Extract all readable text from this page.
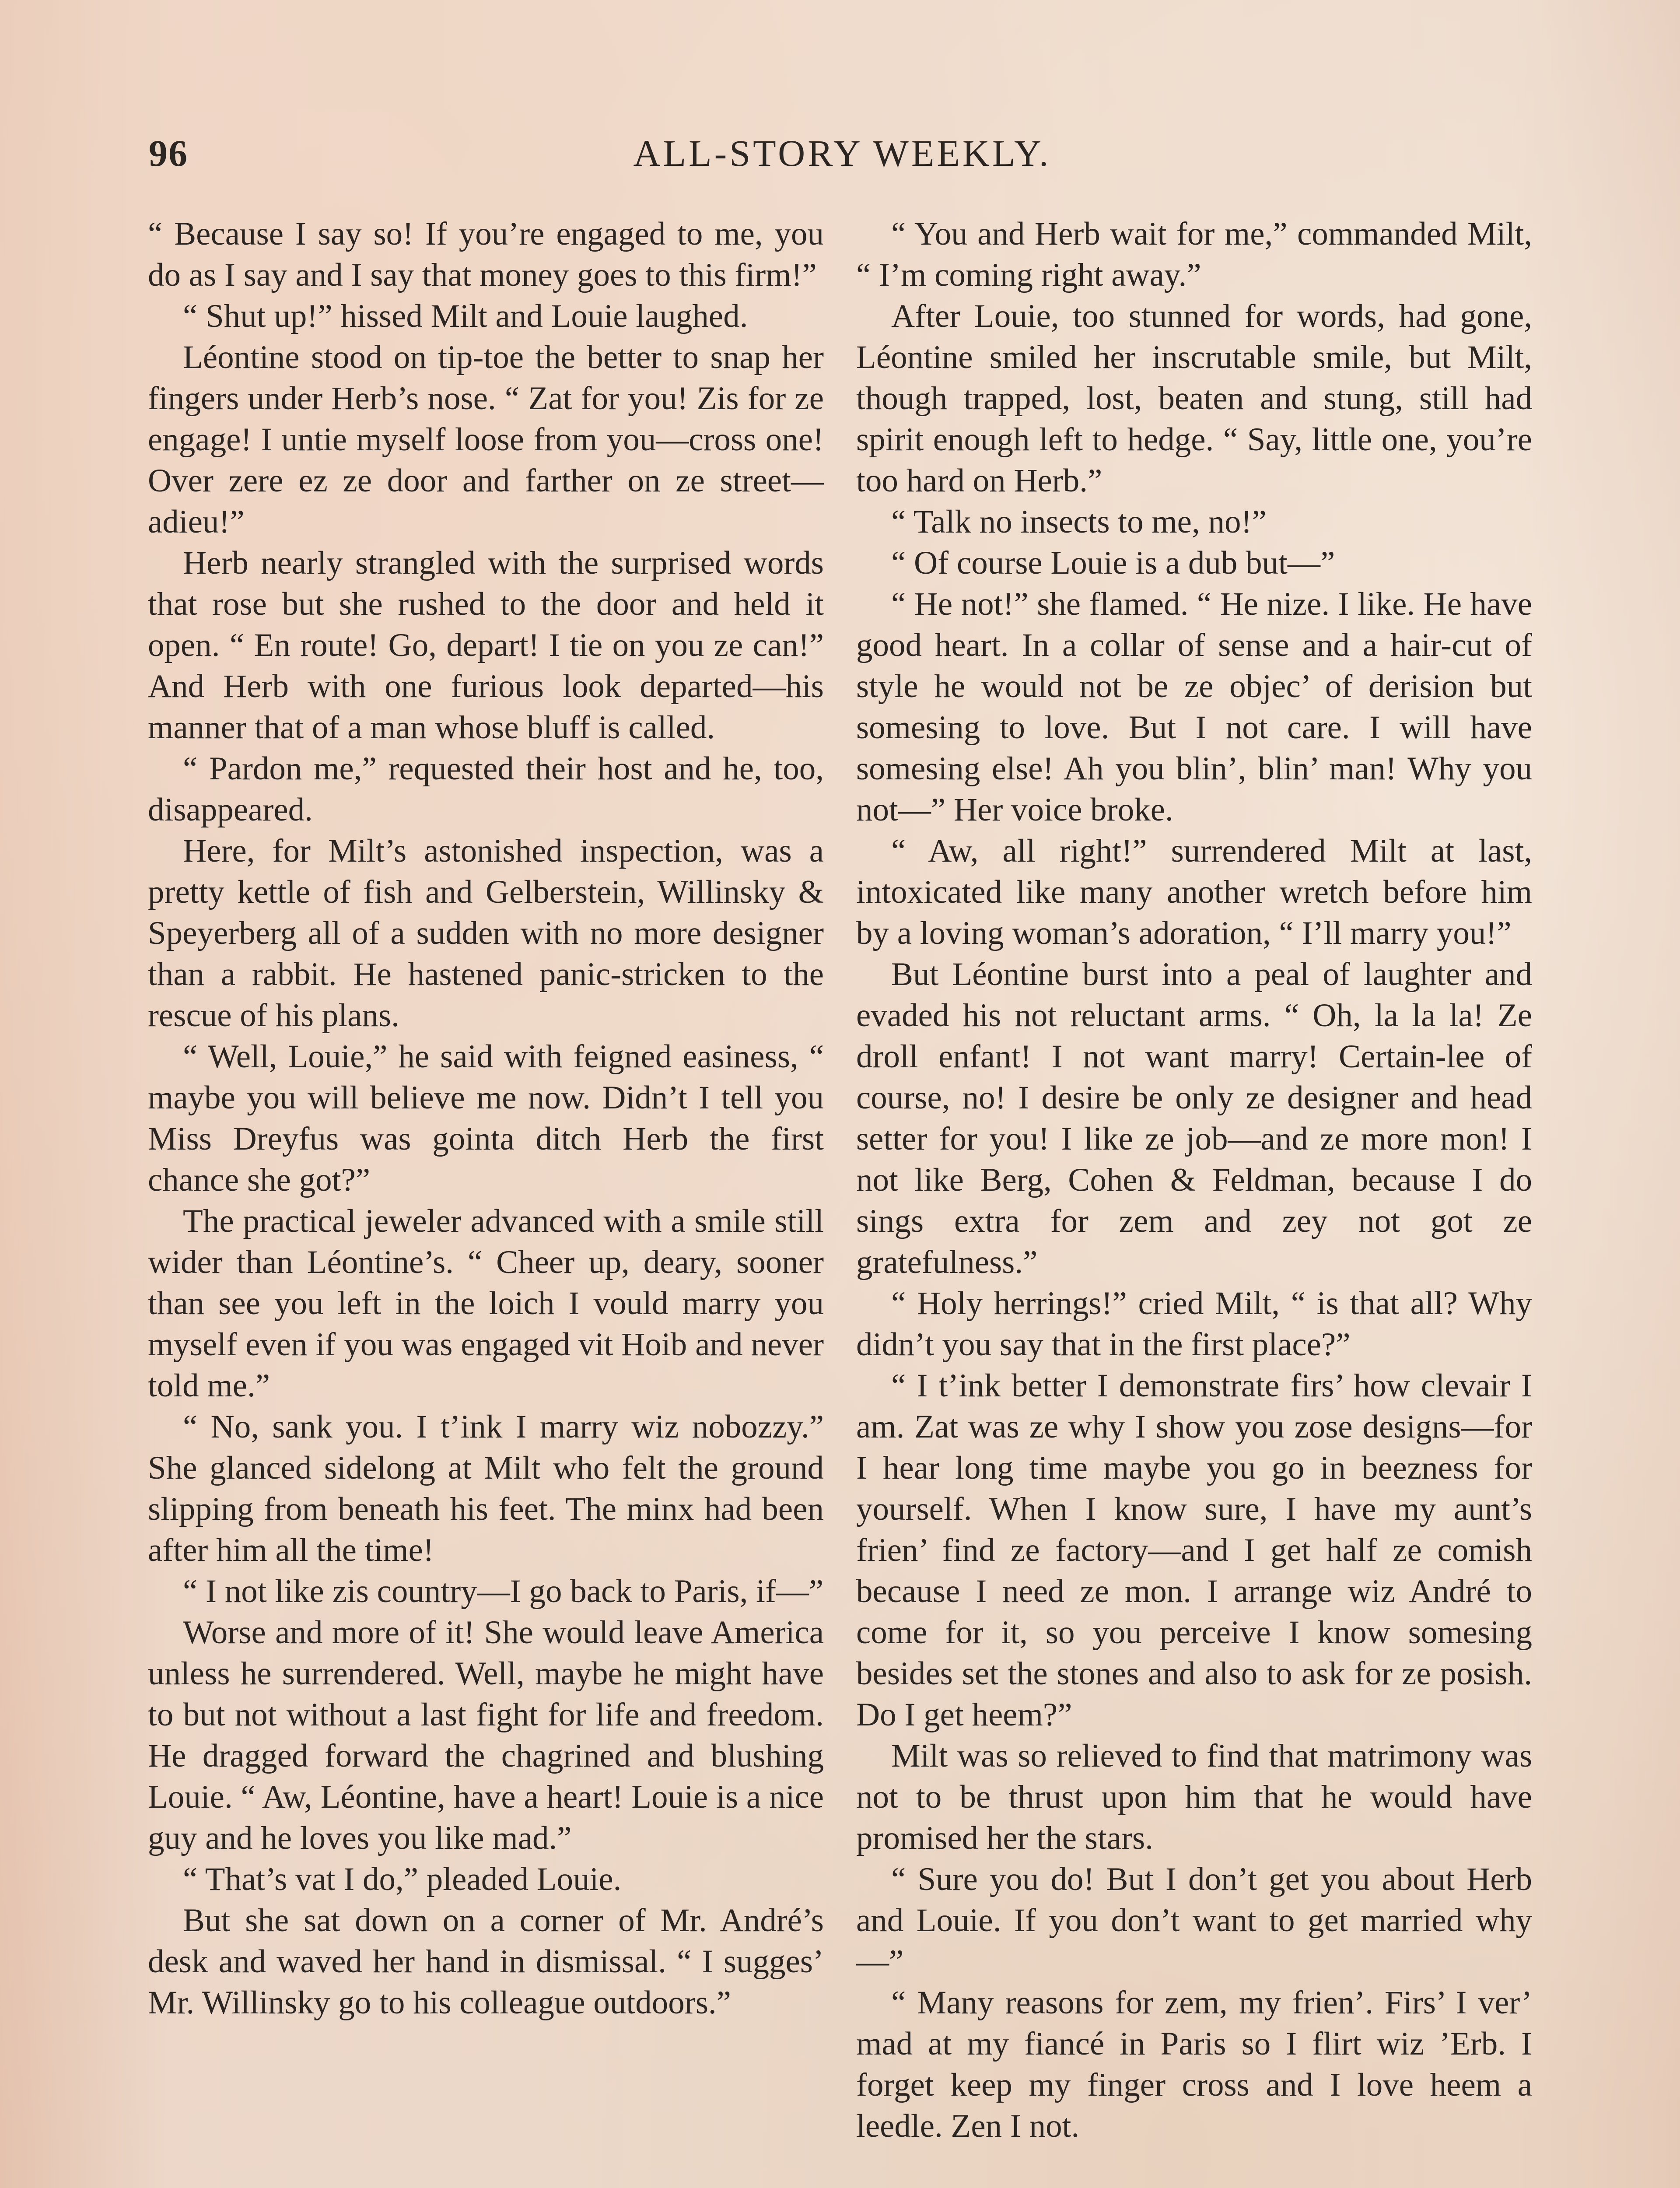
96	ALL-STORY WEEKLY.

“ Because I say so! If you’re engaged to me, you do as I say and I say that money goes to this firm!”

“ Shut up!” hissed Milt and Louie laughed.

Léontine stood on tip-toe the better to snap her fingers under Herb’s nose. “ Zat for you! Zis for ze engage! I untie myself loose from you—cross one! Over zere ez ze door and farther on ze street—adieu!”

Herb nearly strangled with the surprised words that rose but she rushed to the door and held it open. “ En route! Go, depart! I tie on you ze can!” And Herb with one furious look departed—his manner that of a man whose bluff is called.

“ Pardon me,” requested their host and he, too, disappeared.

Here, for Milt’s astonished inspection, was a pretty kettle of fish and Gelberstein, Willinsky & Speyerberg all of a sudden with no more designer than a rabbit. He hastened panic-stricken to the rescue of his plans.

“ Well, Louie,” he said with feigned easiness, “ maybe you will believe me now. Didn’t I tell you Miss Dreyfus was gointa ditch Herb the first chance she got?”

The practical jeweler advanced with a smile still wider than Léontine’s. “ Cheer up, deary, sooner than see you left in the loich I vould marry you myself even if you was engaged vit Hoib and never told me.”

“ No, sank you. I t’ink I marry wiz nobozzy.” She glanced sidelong at Milt who felt the ground slipping from beneath his feet. The minx had been after him all the time!

“ I not like zis country—I go back to Paris, if—”

Worse and more of it! She would leave America unless he surrendered. Well, maybe he might have to but not without a last fight for life and freedom. He dragged forward the chagrined and blushing Louie. “ Aw, Léontine, have a heart! Louie is a nice guy and he loves you like mad.”

“ That’s vat I do,” pleaded Louie.

But she sat down on a corner of Mr. André’s desk and waved her hand in dismissal. “ I sugges’ Mr. Willinsky go to his colleague outdoors.”

“ You and Herb wait for me,” commanded Milt, “ I’m coming right away.”

After Louie, too stunned for words, had gone, Léontine smiled her inscrutable smile, but Milt, though trapped, lost, beaten and stung, still had spirit enough left to hedge. “ Say, little one, you’re too hard on Herb.”

“ Talk no insects to me, no!”

“ Of course Louie is a dub but—”

“ He not!” she flamed. “ He nize. I like. He have good heart. In a collar of sense and a hair-cut of style he would not be ze objec’ of derision but somesing to love. But I not care. I will have somesing else! Ah you blin’, blin’ man! Why you not—” Her voice broke.

“ Aw, all right!” surrendered Milt at last, intoxicated like many another wretch before him by a loving woman’s adoration, “ I’ll marry you!”

But Léontine burst into a peal of laughter and evaded his not reluctant arms. “ Oh, la la la! Ze droll enfant! I not want marry! Certain-lee of course, no! I desire be only ze designer and head setter for you! I like ze job—and ze more mon! I not like Berg, Cohen & Feldman, because I do sings extra for zem and zey not got ze gratefulness.”

“ Holy herrings!” cried Milt, “ is that all? Why didn’t you say that in the first place?”

“ I t’ink better I demonstrate firs’ how clevair I am. Zat was ze why I show you zose designs—for I hear long time maybe you go in beezness for yourself. When I know sure, I have my aunt’s frien’ find ze factory—and I get half ze comish because I need ze mon. I arrange wiz André to come for it, so you perceive I know somesing besides set the stones and also to ask for ze posish. Do I get heem?”

Milt was so relieved to find that matrimony was not to be thrust upon him that he would have promised her the stars.

“ Sure you do! But I don’t get you about Herb and Louie. If you don’t want to get married why—”

“ Many reasons for zem, my frien’. Firs’ I ver’ mad at my fiancé in Paris so I flirt wiz ’Erb. I forget keep my finger cross and I love heem a leedle. Zen I not.
